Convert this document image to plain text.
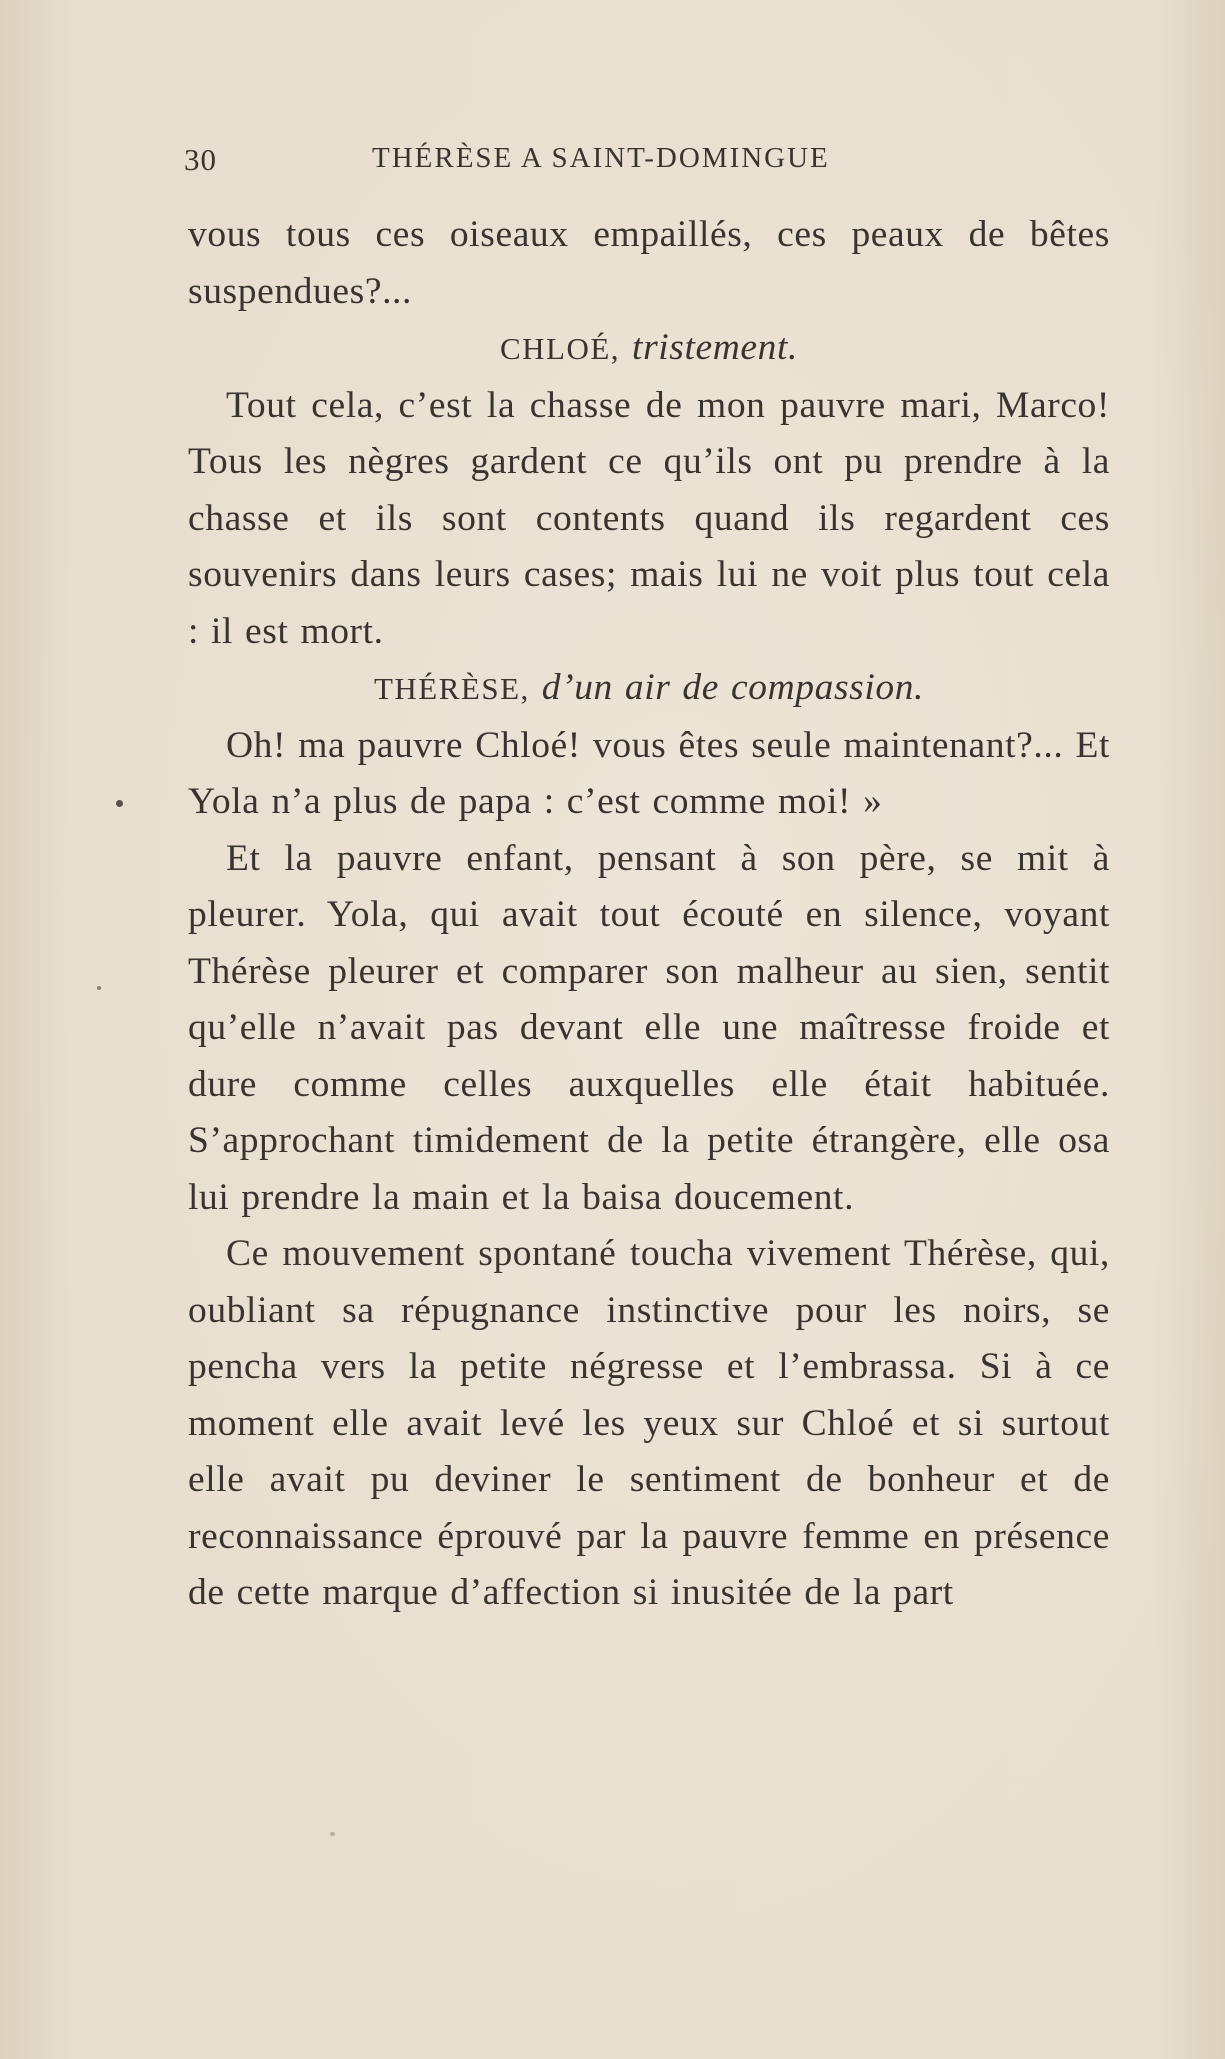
30	THÉRÈSE A SAINT-DOMINGUE

vous tous ces oiseaux empaillés, ces peaux de bêtes suspendues?...

CHLOÉ, tristement.

Tout cela, c’est la chasse de mon pauvre mari, Marco! Tous les nègres gardent ce qu’ils ont pu prendre à la chasse et ils sont contents quand ils regardent ces souvenirs dans leurs cases; mais lui ne voit plus tout cela : il est mort.

THÉRÈSE, d’un air de compassion.

Oh! ma pauvre Chloé! vous êtes seule maintenant?... Et Yola n’a plus de papa : c’est comme moi! »

Et la pauvre enfant, pensant à son père, se mit à pleurer. Yola, qui avait tout écouté en silence, voyant Thérèse pleurer et comparer son malheur au sien, sentit qu’elle n’avait pas devant elle une maîtresse froide et dure comme celles auxquelles elle était habituée. S’approchant timidement de la petite étrangère, elle osa lui prendre la main et la baisa doucement.

Ce mouvement spontané toucha vivement Thérèse, qui, oubliant sa répugnance instinctive pour les noirs, se pencha vers la petite négresse et l’embrassa. Si à ce moment elle avait levé les yeux sur Chloé et si surtout elle avait pu deviner le sentiment de bonheur et de reconnaissance éprouvé par la pauvre femme en présence de cette marque d’affection si inusitée de la part
